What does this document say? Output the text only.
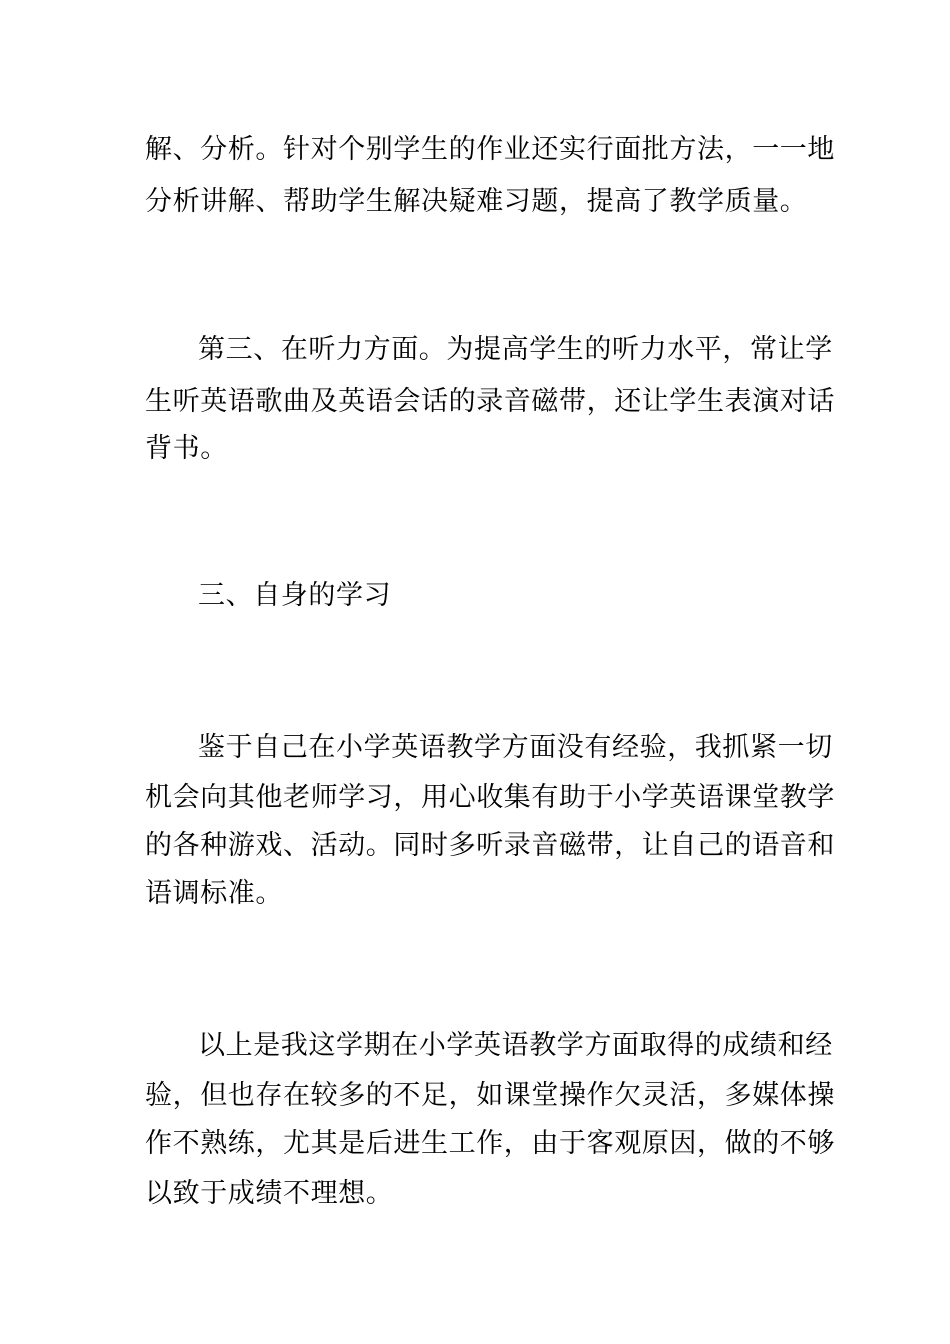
解、分析。针对个别学生的作业还实行面批方法，一一地
分析讲解、帮助学生解决疑难习题，提高了教学质量。
第三、在听力方面。为提高学生的听力水平，常让学
生听英语歌曲及英语会话的录音磁带，还让学生表演对话
背书。
三、自身的学习
鉴于自己在小学英语教学方面没有经验，我抓紧一切
机会向其他老师学习，用心收集有助于小学英语课堂教学
的各种游戏、活动。同时多听录音磁带，让自己的语音和
语调标准。
以上是我这学期在小学英语教学方面取得的成绩和经
验，但也存在较多的不足，如课堂操作欠灵活，多媒体操
作不熟练，尤其是后进生工作，由于客观原因，做的不够
以致于成绩不理想。
